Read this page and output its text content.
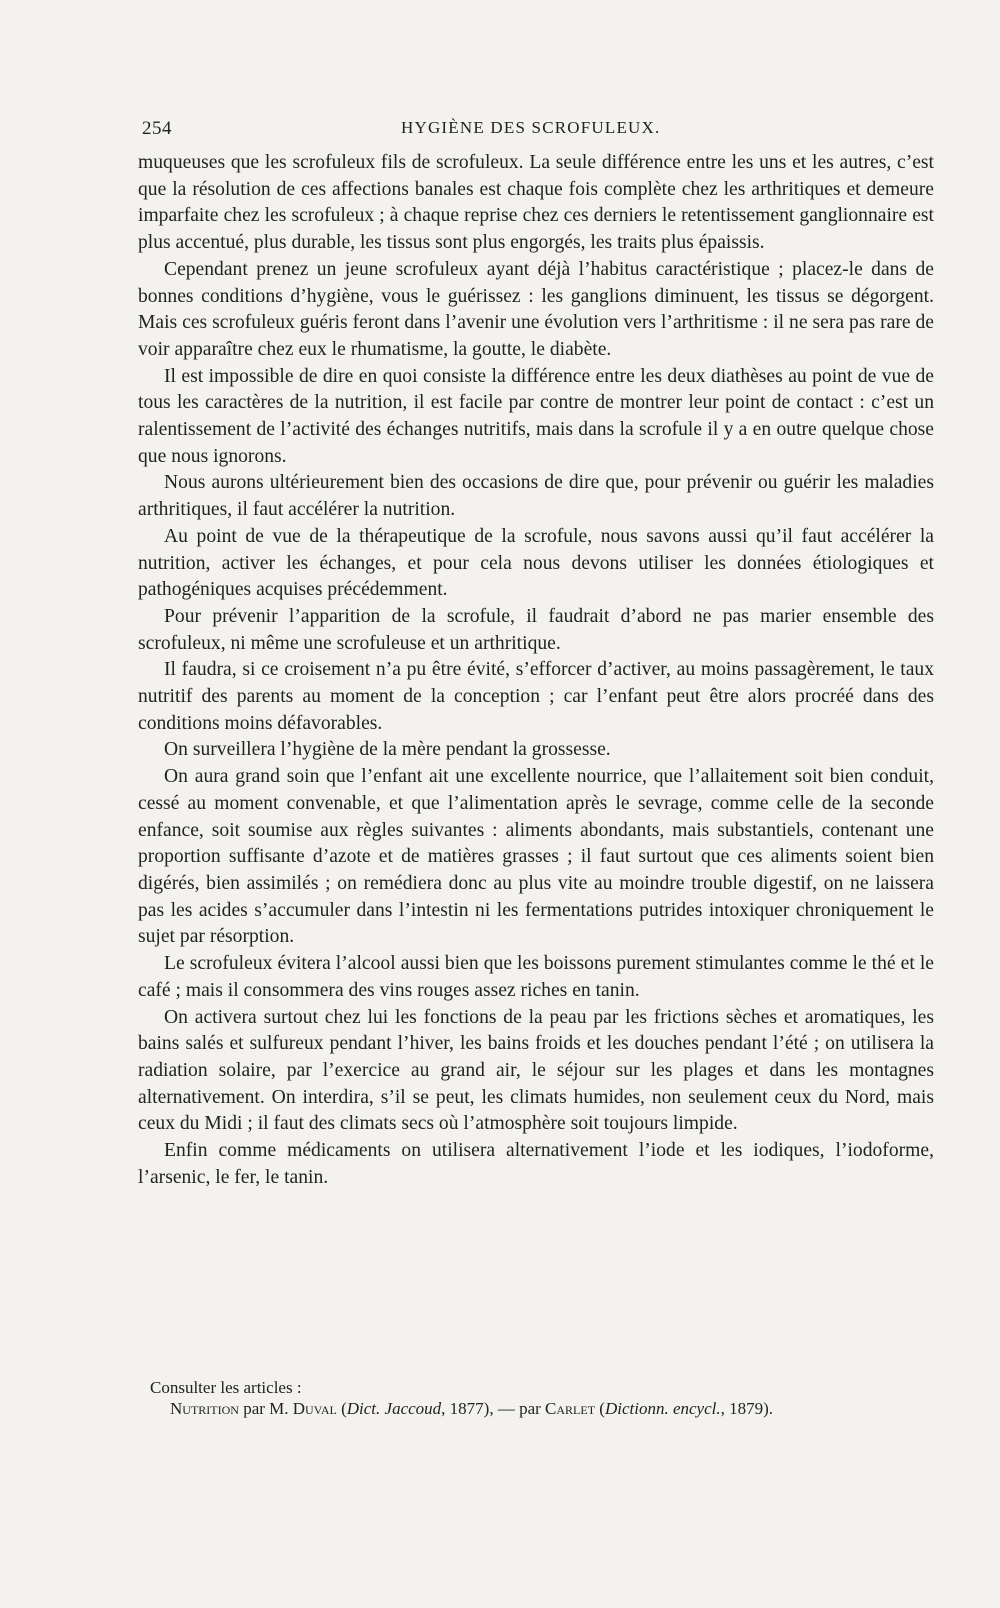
254	HYGIÈNE DES SCROFULEUX.

muqueuses que les scrofuleux fils de scrofuleux. La seule différence entre les uns et les autres, c’est que la résolution de ces affections banales est chaque fois complète chez les arthritiques et demeure imparfaite chez les scrofuleux ; à chaque reprise chez ces derniers le retentissement ganglionnaire est plus accentué, plus durable, les tissus sont plus engorgés, les traits plus épaissis.

Cependant prenez un jeune scrofuleux ayant déjà l’habitus caractéristique ; placez-le dans de bonnes conditions d’hygiène, vous le guérissez : les ganglions diminuent, les tissus se dégorgent. Mais ces scrofuleux guéris feront dans l’avenir une évolution vers l’arthritisme : il ne sera pas rare de voir apparaître chez eux le rhumatisme, la goutte, le diabète.

Il est impossible de dire en quoi consiste la différence entre les deux diathèses au point de vue de tous les caractères de la nutrition, il est facile par contre de montrer leur point de contact : c’est un ralentissement de l’activité des échanges nutritifs, mais dans la scrofule il y a en outre quelque chose que nous ignorons.

Nous aurons ultérieurement bien des occasions de dire que, pour prévenir ou guérir les maladies arthritiques, il faut accélérer la nutrition.

Au point de vue de la thérapeutique de la scrofule, nous savons aussi qu’il faut accélérer la nutrition, activer les échanges, et pour cela nous devons utiliser les données étiologiques et pathogéniques acquises précédemment.

Pour prévenir l’apparition de la scrofule, il faudrait d’abord ne pas marier ensemble des scrofuleux, ni même une scrofuleuse et un arthritique.

Il faudra, si ce croisement n’a pu être évité, s’efforcer d’activer, au moins passagèrement, le taux nutritif des parents au moment de la conception ; car l’enfant peut être alors procréé dans des conditions moins défavorables.

On surveillera l’hygiène de la mère pendant la grossesse.

On aura grand soin que l’enfant ait une excellente nourrice, que l’allaitement soit bien conduit, cessé au moment convenable, et que l’alimentation après le sevrage, comme celle de la seconde enfance, soit soumise aux règles suivantes : aliments abondants, mais substantiels, contenant une proportion suffisante d’azote et de matières grasses ; il faut surtout que ces aliments soient bien digérés, bien assimilés ; on remédiera donc au plus vite au moindre trouble digestif, on ne laissera pas les acides s’accumuler dans l’intestin ni les fermentations putrides intoxiquer chroniquement le sujet par résorption.

Le scrofuleux évitera l’alcool aussi bien que les boissons purement stimulantes comme le thé et le café ; mais il consommera des vins rouges assez riches en tanin.

On activera surtout chez lui les fonctions de la peau par les frictions sèches et aromatiques, les bains salés et sulfureux pendant l’hiver, les bains froids et les douches pendant l’été ; on utilisera la radiation solaire, par l’exercice au grand air, le séjour sur les plages et dans les montagnes alternativement. On interdira, s’il se peut, les climats humides, non seulement ceux du Nord, mais ceux du Midi ; il faut des climats secs où l’atmosphère soit toujours limpide.

Enfin comme médicaments on utilisera alternativement l’iode et les iodiques, l’iodoforme, l’arsenic, le fer, le tanin.

Consulter les articles :
Nutrition par M. Duval (Dict. Jaccoud, 1877), — par Carlet (Dictionn. encycl., 1879).
